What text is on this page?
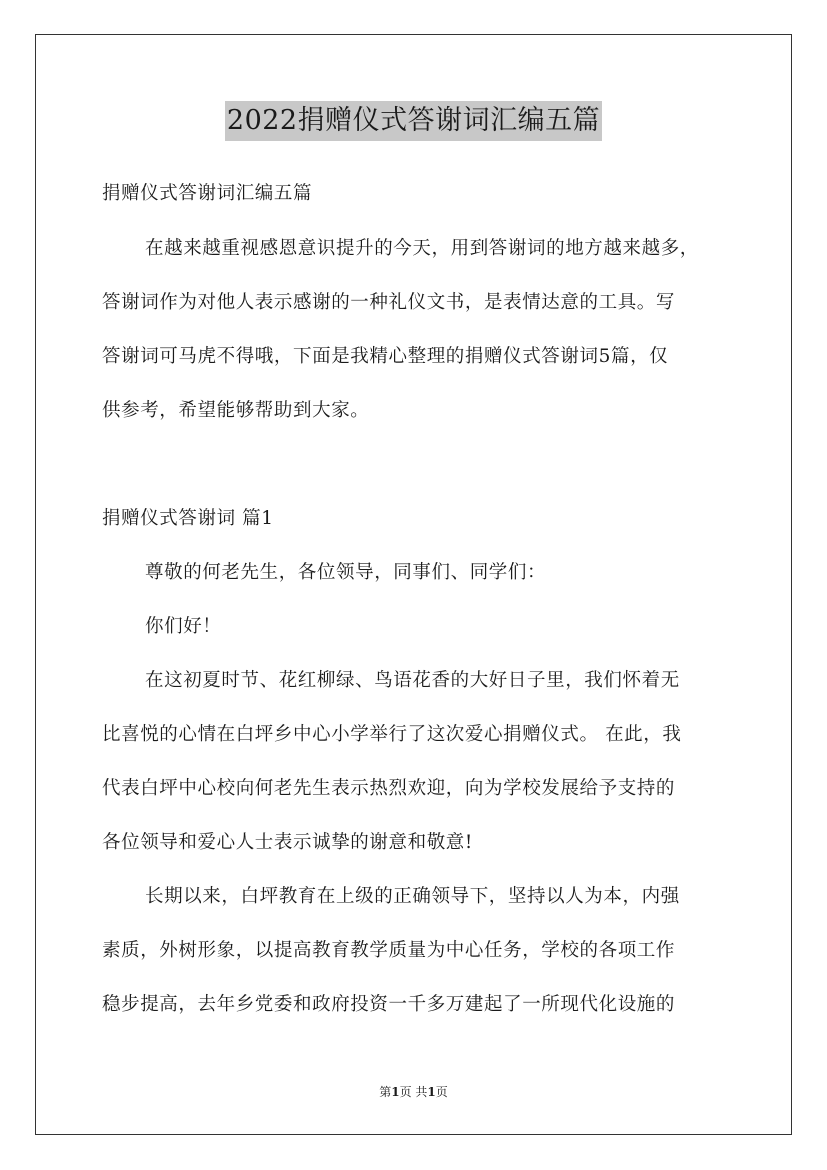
2022捐赠仪式答谢词汇编五篇
捐赠仪式答谢词汇编五篇
在越来越重视感恩意识提升的今天，用到答谢词的地方越来越多，
答谢词作为对他人表示感谢的一种礼仪文书，是表情达意的工具。写
答谢词可马虎不得哦，下面是我精心整理的捐赠仪式答谢词5篇，仅
供参考，希望能够帮助到大家。
捐赠仪式答谢词 篇1
尊敬的何老先生，各位领导，同事们、同学们：
你们好！
在这初夏时节、花红柳绿、鸟语花香的大好日子里，我们怀着无
比喜悦的心情在白坪乡中心小学举行了这次爱心捐赠仪式。 在此，我
代表白坪中心校向何老先生表示热烈欢迎，向为学校发展给予支持的
各位领导和爱心人士表示诚挚的谢意和敬意!
长期以来，白坪教育在上级的正确领导下，坚持以人为本，内强
素质，外树形象，以提高教育教学质量为中心任务，学校的各项工作
稳步提高，去年乡党委和政府投资一千多万建起了一所现代化设施的
第1页 共1页
